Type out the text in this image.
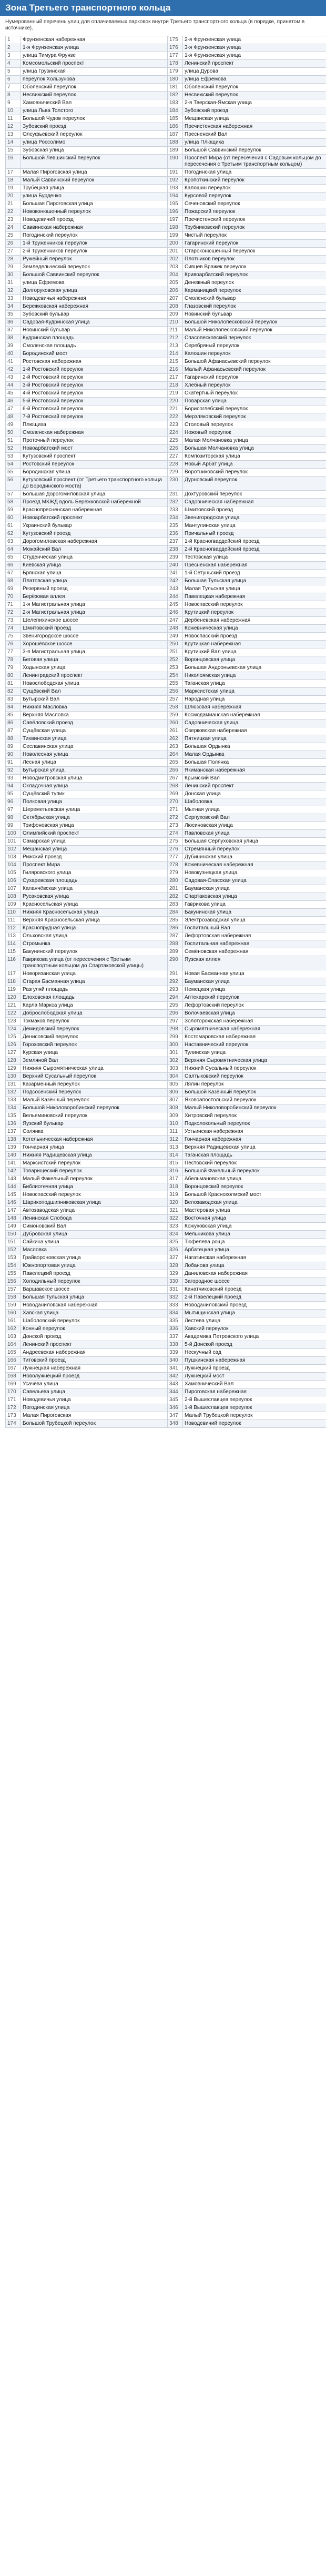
Зона Третьего транспортного кольца
Нумерованный перечень улиц для оплачиваемых парковок внутри Третьего транспортного кольца (в порядке, принятом в источнике).
1	Фрунзенская набережная	175	2-я Фрунзенская улица
2	1-я Фрунзенская улица	176	3-я Фрунзенская улица
3	улица Тимура Фрунзе	177	1-я Фрунзенская улица
4	Комсомольский проспект	178	Ленинский проспект
5	улица Грузинская	179	улица Дурова
6	переулок Хользунова	180	улица Ефремова
7	Оболенский переулок	181	Оболенский переулок
8	Несвижский переулок	182	Несвижский переулок
9	Хамовнический Вал	183	2-я Тверская-Ямская улица
10	улица Льва Толстого	184	Зубовский проезд
11	Большой Чудов переулок	185	Мещанская улица
12	Зубовский проезд	186	Пречистенская набережная
13	Олсуфьевский переулок	187	Пресненский Вал
14	улица Россолимо	188	улица Плющиха
15	Зубовская улица	189	Большой Саввинский переулок
16	Большой Левшинский переулок	190	Проспект Мира (от пересечения с Садовым кольцом до пересечения с Третьим транспортным кольцом)
17	Малая Пироговская улица	191	Погодинская улица
18	Малый Саввинский переулок	192	Кропоткинский переулок
19	Трубецкая улица	193	Калошин переулок
20	улица Бурденко	194	Курсовой переулок
21	Большая Пироговская улица	195	Сеченовский переулок
22	Новоконюшенный переулок	196	Пожарский переулок
23	Новодевичий проезд	197	Пречистенский переулок
24	Саввинская набережная	198	Трубниковский переулок
25	Погодинский переулок	199	Чистый переулок
26	1-й Труженников переулок	200	Гагаринский переулок
27	2-й Труженников переулок	201	Староконюшенный переулок
28	Ружейный переулок	202	Плотников переулок
29	Земледельческий переулок	203	Сивцев Вражек переулок
30	Большой Саввинский переулок	204	Кривоарбатский переулок
31	улица Ефремова	205	Денежный переулок
32	Долгоруковская улица	206	Карманицкий переулок
33	Новодевичья набережная	207	Смоленский бульвар
34	Бережковская набережная	208	Глазовский переулок
35	Зубовский бульвар	209	Новинский бульвар
36	Садовая-Кудринская улица	210	Большой Николопесковский переулок
37	Новинский бульвар	211	Малый Николопесковский переулок
38	Кудринская площадь	212	Спасопесковский переулок
39	Смоленская площадь	213	Серебряный переулок
40	Бородинский мост	214	Калошин переулок
41	Ростовская набережная	215	Большой Афанасьевский переулок
42	1-й Ростовский переулок	216	Малый Афанасьевский переулок
43	2-й Ростовский переулок	217	Гагаринский переулок
44	3-й Ростовский переулок	218	Хлебный переулок
45	4-й Ростовский переулок	219	Скатертный переулок
46	5-й Ростовский переулок	220	Поварская улица
47	6-й Ростовский переулок	221	Борисоглебский переулок
48	7-й Ростовский переулок	222	Мерзляковский переулок
49	Плющиха	223	Столовый переулок
50	Смоленская набережная	224	Ножовый переулок
51	Проточный переулок	225	Малая Молчановка улица
52	Новоарбатский мост	226	Большая Молчановка улица
53	Кутузовский проспект	227	Композиторская улица
54	Ростовский переулок	228	Новый Арбат улица
55	Бородинская улица	229	Воротниковский переулок
56	Кутузовский проспект (от Третьего транспортного кольца до Бородинского моста)	230	Дурновский переулок
57	Большая Дорогомиловская улица	231	Дохтуровский переулок
58	Проезд МКЖД вдоль Бережковской набережной	232	Садовническая набережная
59	Краснопресненская набережная	233	Шмитовский проезд
60	Новоарбатский проспект	234	Звенигородская улица
61	Украинский бульвар	235	Мантулинская улица
62	Кутузовский проезд	236	Причальный проезд
63	Дорогомиловская набережная	237	1-й Красногвардейский проезд
64	Можайский Вал	238	2-й Красногвардейский проезд
65	Студенческая улица	239	Тестовская улица
66	Киевская улица	240	Пресненская набережная
67	Брянская улица	241	1-й Сетуньский проезд
68	Платовская улица	242	Большая Тульская улица
69	Резервный проезд	243	Малая Тульская улица
70	Берёзовая аллея	244	Павелецкая набережная
71	1-я Магистральная улица	245	Новоспасский переулок
72	2-я Магистральная улица	246	Крутицкий переулок
73	Шелепихинское шоссе	247	Дербеневская набережная
74	Шмитовский проезд	248	Кожевническая улица
75	Звенигородское шоссе	249	Новоспасский проезд
76	Хорошёвское шоссе	250	Крутицкая набережная
77	3-я Магистральная улица	251	Крутицкий Вал улица
78	Беговая улица	252	Воронцовская улица
79	Ходынская улица	253	Большая Андроньевская улица
80	Ленинградский проспект	254	Николоямская улица
81	Новослободская улица	255	Таганская улица
82	Сущёвский Вал	256	Марксистская улица
83	Бутырский Вал	257	Народная улица
84	Нижняя Масловка	258	Шлюзовая набережная
85	Верхняя Масловка	259	Космодамианская набережная
86	Савёловский проезд	260	Садовническая улица
87	Сущёвская улица	261	Озерковская набережная
88	Тихвинская улица	262	Пятницкая улица
89	Сеславинская улица	263	Большая Ордынка
90	Новолесная улица	264	Малая Ордынка
91	Лесная улица	265	Большая Полянка
92	Бутырская улица	266	Якиманская набережная
93	Новодмитровская улица	267	Крымский Вал
94	Складочная улица	268	Ленинский проспект
95	Сущёвский тупик	269	Донская улица
96	Полковая улица	270	Шаболовка
97	Шереметьевская улица	271	Мытная улица
98	Октябрьская улица	272	Серпуховский Вал
99	Трифоновская улица	273	Люсиновская улица
100	Олимпийский проспект	274	Павловская улица
101	Самарская улица	275	Большая Серпуховская улица
102	Мещанская улица	276	Стремянный переулок
103	Рижский проезд	277	Дубининская улица
104	Проспект Мира	278	Кожевническая набережная
105	Гиляровского улица	279	Новокузнецкая улица
106	Сухаревская площадь	280	Садовая-Спасская улица
107	Каланчёвская улица	281	Бауманская улица
108	Русаковская улица	282	Спартаковская улица
109	Красносельская улица	283	Гаврикова улица
110	Нижняя Красносельская улица	284	Бакунинская улица
111	Верхняя Красносельская улица	285	Электрозаводская улица
112	Краснопрудная улица	286	Госпитальный Вал
113	Ольховская улица	287	Лефортовская набережная
114	Стромынка	288	Госпитальная набережная
115	Бакунинский переулок	289	Семёновская набережная
116	Гаврикова улица (от пересечения с Третьим транспортным кольцом до Спартаковской улицы)	290	Яузская аллея
117	Новорязанская улица	291	Новая Басманная улица
118	Старая Басманная улица	292	Бауманская улица
119	Разгуляй площадь	293	Немецкая улица
120	Елоховская площадь	294	Аптекарский переулок
121	Карла Маркса улица	295	Лефортовский переулок
122	Доброслободская улица	296	Волочаевская улица
123	Токмаков переулок	297	Золоторожская набережная
124	Демидовский переулок	298	Сыромятническая набережная
125	Денисовский переулок	299	Костомаровская набережная
126	Гороховский переулок	300	Наставнический переулок
127	Курская улица	301	Тулинская улица
128	Земляной Вал	302	Верхняя Сыромятническая улица
129	Нижняя Сыромятническая улица	303	Нижний Сусальный переулок
130	Верхний Сусальный переулок	304	Салтыковский переулок
131	Казарменный переулок	305	Лялин переулок
132	Подсосенский переулок	306	Большой Казённый переулок
133	Малый Казённый переулок	307	Яковоапостольский переулок
134	Большой Николоворобинский переулок	308	Малый Николоворобинский переулок
135	Вельяминовский переулок	309	Хитровский переулок
136	Яузский бульвар	310	Подколокольный переулок
137	Солянка	311	Устьинская набережная
138	Котельническая набережная	312	Гончарная набережная
139	Гончарная улица	313	Верхняя Радищевская улица
140	Нижняя Радищевская улица	314	Таганская площадь
141	Марксистский переулок	315	Пестовский переулок
142	Товарищеский переулок	316	Большой Факельный переулок
143	Малый Факельный переулок	317	Абельмановская улица
144	Библиотечная улица	318	Воронцовский переулок
145	Новоспасский переулок	319	Большой Краснохолмский мост
146	Шарикоподшипниковская улица	320	Велозаводская улица
147	Автозаводская улица	321	Мастеровая улица
148	Ленинская Слобода	322	Восточная улица
149	Симоновский Вал	323	Кожуховская улица
150	Дубровская улица	324	Мельникова улица
151	Сайкина улица	325	Тюфелева роща
152	Масловка	326	Арбатецкая улица
153	Грайвороновская улица	327	Нагатинская набережная
154	Южнопортовая улица	328	Лобанова улица
155	Павелецкий проезд	329	Даниловская набережная
156	Холодильный переулок	330	Загородное шоссе
157	Варшавское шоссе	331	Канатчиковский проезд
158	Большая Тульская улица	332	2-й Павелецкий проезд
159	Новоданиловская набережная	333	Новоданиловский проезд
160	Хавская улица	334	Мытищинская улица
161	Шаболовский переулок	335	Лестева улица
162	Конный переулок	336	Хавский переулок
163	Донской проезд	337	Академика Петровского улица
164	Ленинский проспект	338	5-й Донской проезд
165	Андреевская набережная	339	Нескучный сад
166	Титовский проезд	340	Пушкинская набережная
167	Лужнецкая набережная	341	Лужнецкий проезд
168	Новолужнецкий проезд	342	Лужнецкий мост
169	Усачёва улица	343	Хамовнический Вал
170	Савельева улица	344	Пироговская набережная
171	Новодевичья улица	345	2-й Вышеславцев переулок
172	Погодинская улица	346	1-й Вышеславцев переулок
173	Малая Пироговская	347	Малый Трубецкой переулок
174	Большой Трубецкой переулок	348	Новодевичий переулок
